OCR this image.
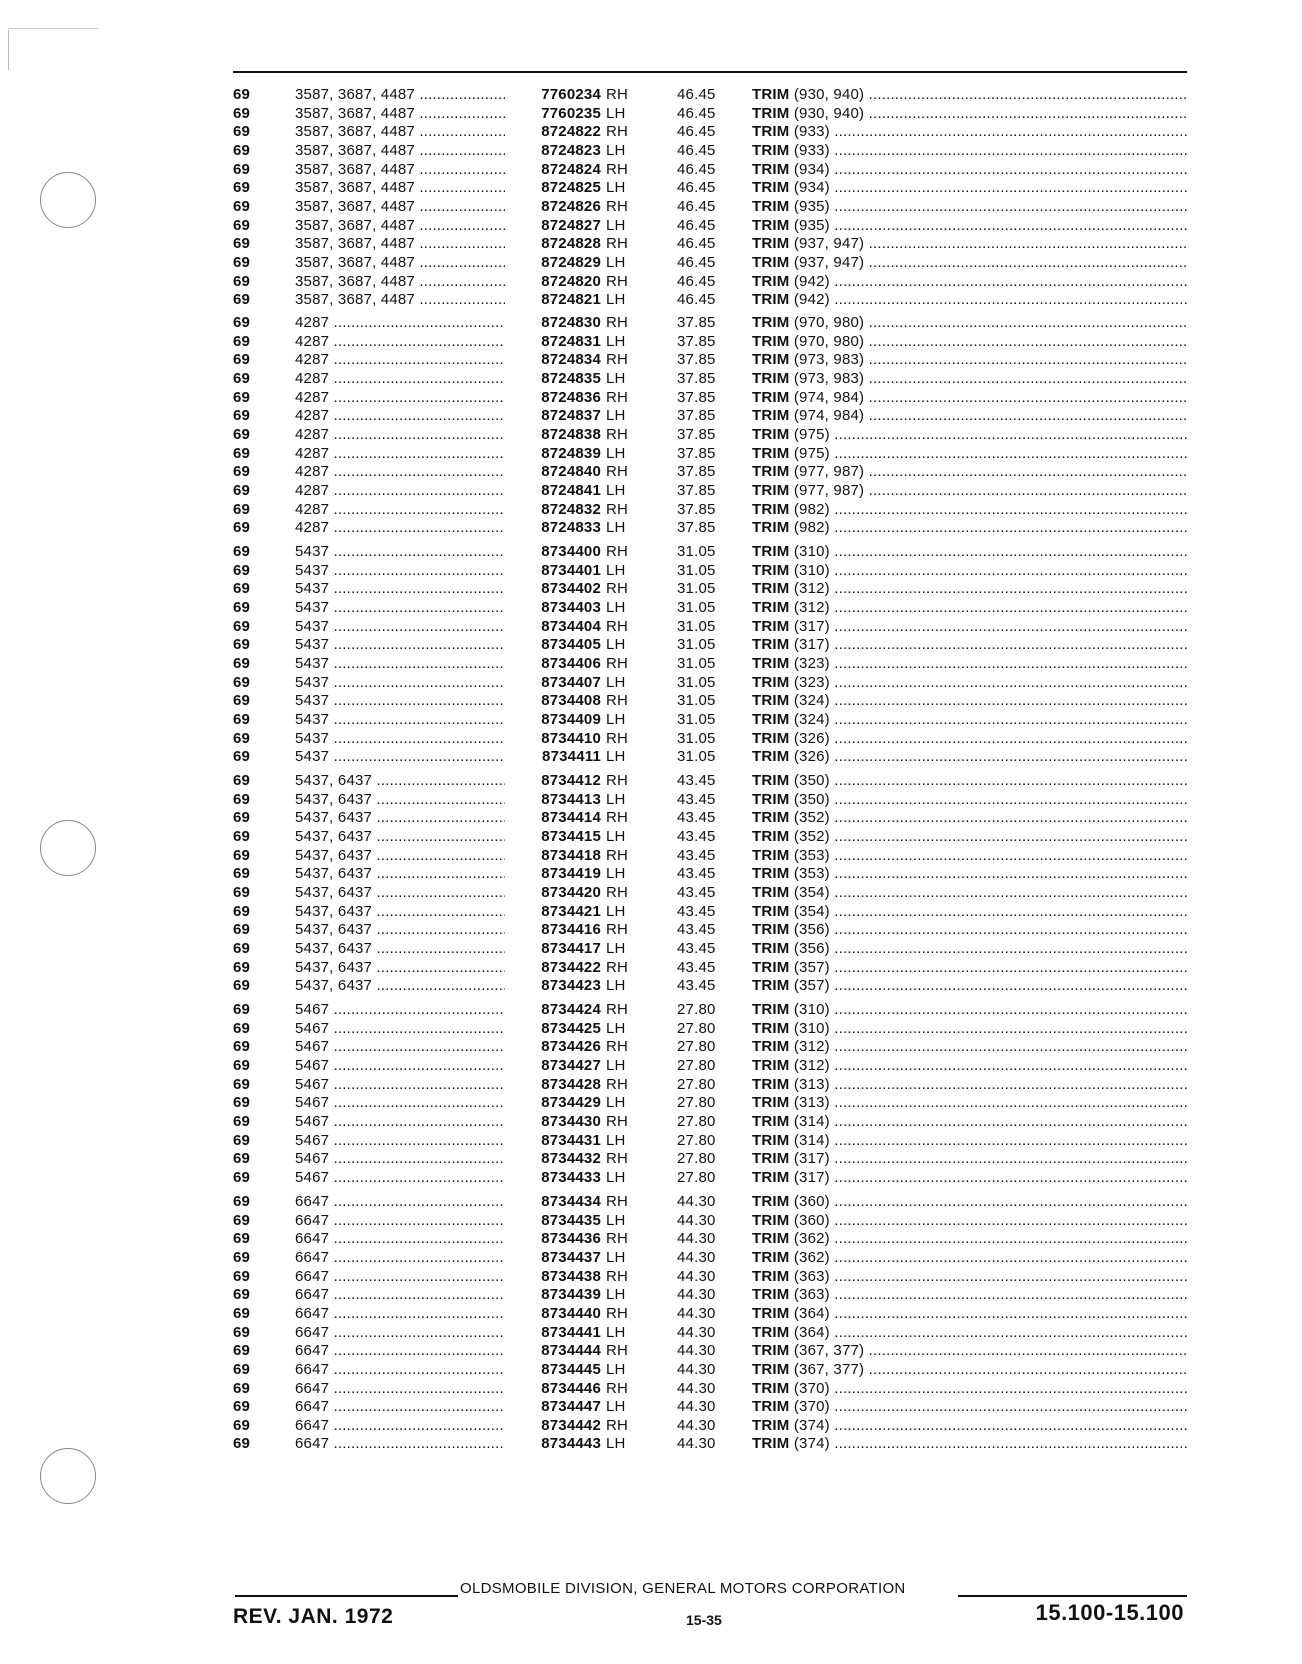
69	3587, 3687, 4487 .....	7760234 RH	46.45	TRIM (930, 940) .....
69	3587, 3687, 4487 .....	7760235 LH	46.45	TRIM (930, 940) .....
69	3587, 3687, 4487 .....	8724822 RH	46.45	TRIM (933) .....
69	3587, 3687, 4487 .....	8724823 LH	46.45	TRIM (933) .....
69	3587, 3687, 4487 .....	8724824 RH	46.45	TRIM (934) .....
69	3587, 3687, 4487 .....	8724825 LH	46.45	TRIM (934) .....
69	3587, 3687, 4487 .....	8724826 RH	46.45	TRIM (935) .....
69	3587, 3687, 4487 .....	8724827 LH	46.45	TRIM (935) .....
69	3587, 3687, 4487 .....	8724828 RH	46.45	TRIM (937, 947) .....
69	3587, 3687, 4487 .....	8724829 LH	46.45	TRIM (937, 947) .....
69	3587, 3687, 4487 .....	8724820 RH	46.45	TRIM (942) .....
69	3587, 3687, 4487 .....	8724821 LH	46.45	TRIM (942) .....
69	4287 .....	8724830 RH	37.85	TRIM (970, 980) .....
69	4287 .....	8724831 LH	37.85	TRIM (970, 980) .....
69	4287 .....	8724834 RH	37.85	TRIM (973, 983) .....
69	4287 .....	8724835 LH	37.85	TRIM (973, 983) .....
69	4287 .....	8724836 RH	37.85	TRIM (974, 984) .....
69	4287 .....	8724837 LH	37.85	TRIM (974, 984) .....
69	4287 .....	8724838 RH	37.85	TRIM (975) .....
69	4287 .....	8724839 LH	37.85	TRIM (975) .....
69	4287 .....	8724840 RH	37.85	TRIM (977, 987) .....
69	4287 .....	8724841 LH	37.85	TRIM (977, 987) .....
69	4287 .....	8724832 RH	37.85	TRIM (982) .....
69	4287 .....	8724833 LH	37.85	TRIM (982) .....
69	5437 .....	8734400 RH	31.05	TRIM (310) .....
69	5437 .....	8734401 LH	31.05	TRIM (310) .....
69	5437 .....	8734402 RH	31.05	TRIM (312) .....
69	5437 .....	8734403 LH	31.05	TRIM (312) .....
69	5437 .....	8734404 RH	31.05	TRIM (317) .....
69	5437 .....	8734405 LH	31.05	TRIM (317) .....
69	5437 .....	8734406 RH	31.05	TRIM (323) .....
69	5437 .....	8734407 LH	31.05	TRIM (323) .....
69	5437 .....	8734408 RH	31.05	TRIM (324) .....
69	5437 .....	8734409 LH	31.05	TRIM (324) .....
69	5437 .....	8734410 RH	31.05	TRIM (326) .....
69	5437 .....	8734411 LH	31.05	TRIM (326) .....
69	5437, 6437 .....	8734412 RH	43.45	TRIM (350) .....
69	5437, 6437 .....	8734413 LH	43.45	TRIM (350) .....
69	5437, 6437 .....	8734414 RH	43.45	TRIM (352) .....
69	5437, 6437 .....	8734415 LH	43.45	TRIM (352) .....
69	5437, 6437 .....	8734418 RH	43.45	TRIM (353) .....
69	5437, 6437 .....	8734419 LH	43.45	TRIM (353) .....
69	5437, 6437 .....	8734420 RH	43.45	TRIM (354) .....
69	5437, 6437 .....	8734421 LH	43.45	TRIM (354) .....
69	5437, 6437 .....	8734416 RH	43.45	TRIM (356) .....
69	5437, 6437 .....	8734417 LH	43.45	TRIM (356) .....
69	5437, 6437 .....	8734422 RH	43.45	TRIM (357) .....
69	5437, 6437 .....	8734423 LH	43.45	TRIM (357) .....
69	5467 .....	8734424 RH	27.80	TRIM (310) .....
69	5467 .....	8734425 LH	27.80	TRIM (310) .....
69	5467 .....	8734426 RH	27.80	TRIM (312) .....
69	5467 .....	8734427 LH	27.80	TRIM (312) .....
69	5467 .....	8734428 RH	27.80	TRIM (313) .....
69	5467 .....	8734429 LH	27.80	TRIM (313) .....
69	5467 .....	8734430 RH	27.80	TRIM (314) .....
69	5467 .....	8734431 LH	27.80	TRIM (314) .....
69	5467 .....	8734432 RH	27.80	TRIM (317) .....
69	5467 .....	8734433 LH	27.80	TRIM (317) .....
69	6647 .....	8734434 RH	44.30	TRIM (360) .....
69	6647 .....	8734435 LH	44.30	TRIM (360) .....
69	6647 .....	8734436 RH	44.30	TRIM (362) .....
69	6647 .....	8734437 LH	44.30	TRIM (362) .....
69	6647 .....	8734438 RH	44.30	TRIM (363) .....
69	6647 .....	8734439 LH	44.30	TRIM (363) .....
69	6647 .....	8734440 RH	44.30	TRIM (364) .....
69	6647 .....	8734441 LH	44.30	TRIM (364) .....
69	6647 .....	8734444 RH	44.30	TRIM (367, 377) .....
69	6647 .....	8734445 LH	44.30	TRIM (367, 377) .....
69	6647 .....	8734446 RH	44.30	TRIM (370) .....
69	6647 .....	8734447 LH	44.30	TRIM (370) .....
69	6647 .....	8734442 RH	44.30	TRIM (374) .....
69	6647 .....	8734443 LH	44.30	TRIM (374) .....
OLDSMOBILE DIVISION, GENERAL MOTORS CORPORATION
REV. JAN. 1972	15-35	15.100-15.100
